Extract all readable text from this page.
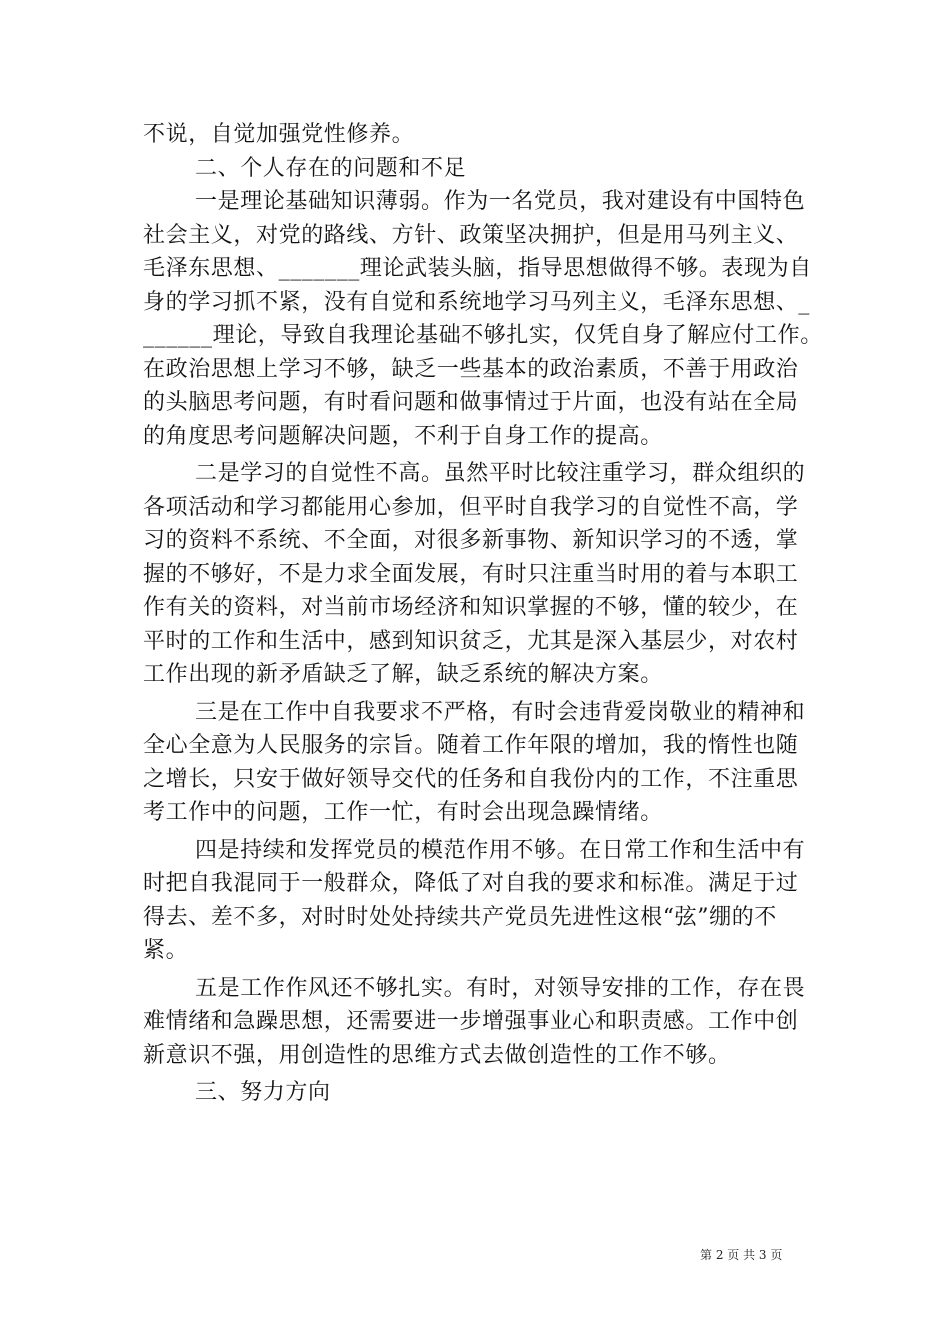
不说，自觉加强党性修养。
二、个人存在的问题和不足
一是理论基础知识薄弱。作为一名党员，我对建设有中国特色
社会主义，对党的路线、方针、政策坚决拥护，但是用马列主义、
毛泽东思想、_______理论武装头脑，指导思想做得不够。表现为自
身的学习抓不紧，没有自觉和系统地学习马列主义，毛泽东思想、_
______理论，导致自我理论基础不够扎实，仅凭自身了解应付工作。
在政治思想上学习不够，缺乏一些基本的政治素质，不善于用政治
的头脑思考问题，有时看问题和做事情过于片面，也没有站在全局
的角度思考问题解决问题，不利于自身工作的提高。
二是学习的自觉性不高。虽然平时比较注重学习，群众组织的
各项活动和学习都能用心参加，但平时自我学习的自觉性不高，学
习的资料不系统、不全面，对很多新事物、新知识学习的不透，掌
握的不够好，不是力求全面发展，有时只注重当时用的着与本职工
作有关的资料，对当前市场经济和知识掌握的不够，懂的较少，在
平时的工作和生活中，感到知识贫乏，尤其是深入基层少，对农村
工作出现的新矛盾缺乏了解，缺乏系统的解决方案。
三是在工作中自我要求不严格，有时会违背爱岗敬业的精神和
全心全意为人民服务的宗旨。随着工作年限的增加，我的惰性也随
之增长，只安于做好领导交代的任务和自我份内的工作，不注重思
考工作中的问题，工作一忙，有时会出现急躁情绪。
四是持续和发挥党员的模范作用不够。在日常工作和生活中有
时把自我混同于一般群众，降低了对自我的要求和标准。满足于过
得去、差不多，对时时处处持续共产党员先进性这根“弦”绷的不
紧。
五是工作作风还不够扎实。有时，对领导安排的工作，存在畏
难情绪和急躁思想，还需要进一步增强事业心和职责感。工作中创
新意识不强，用创造性的思维方式去做创造性的工作不够。
三、努力方向
第 2 页 共 3 页
